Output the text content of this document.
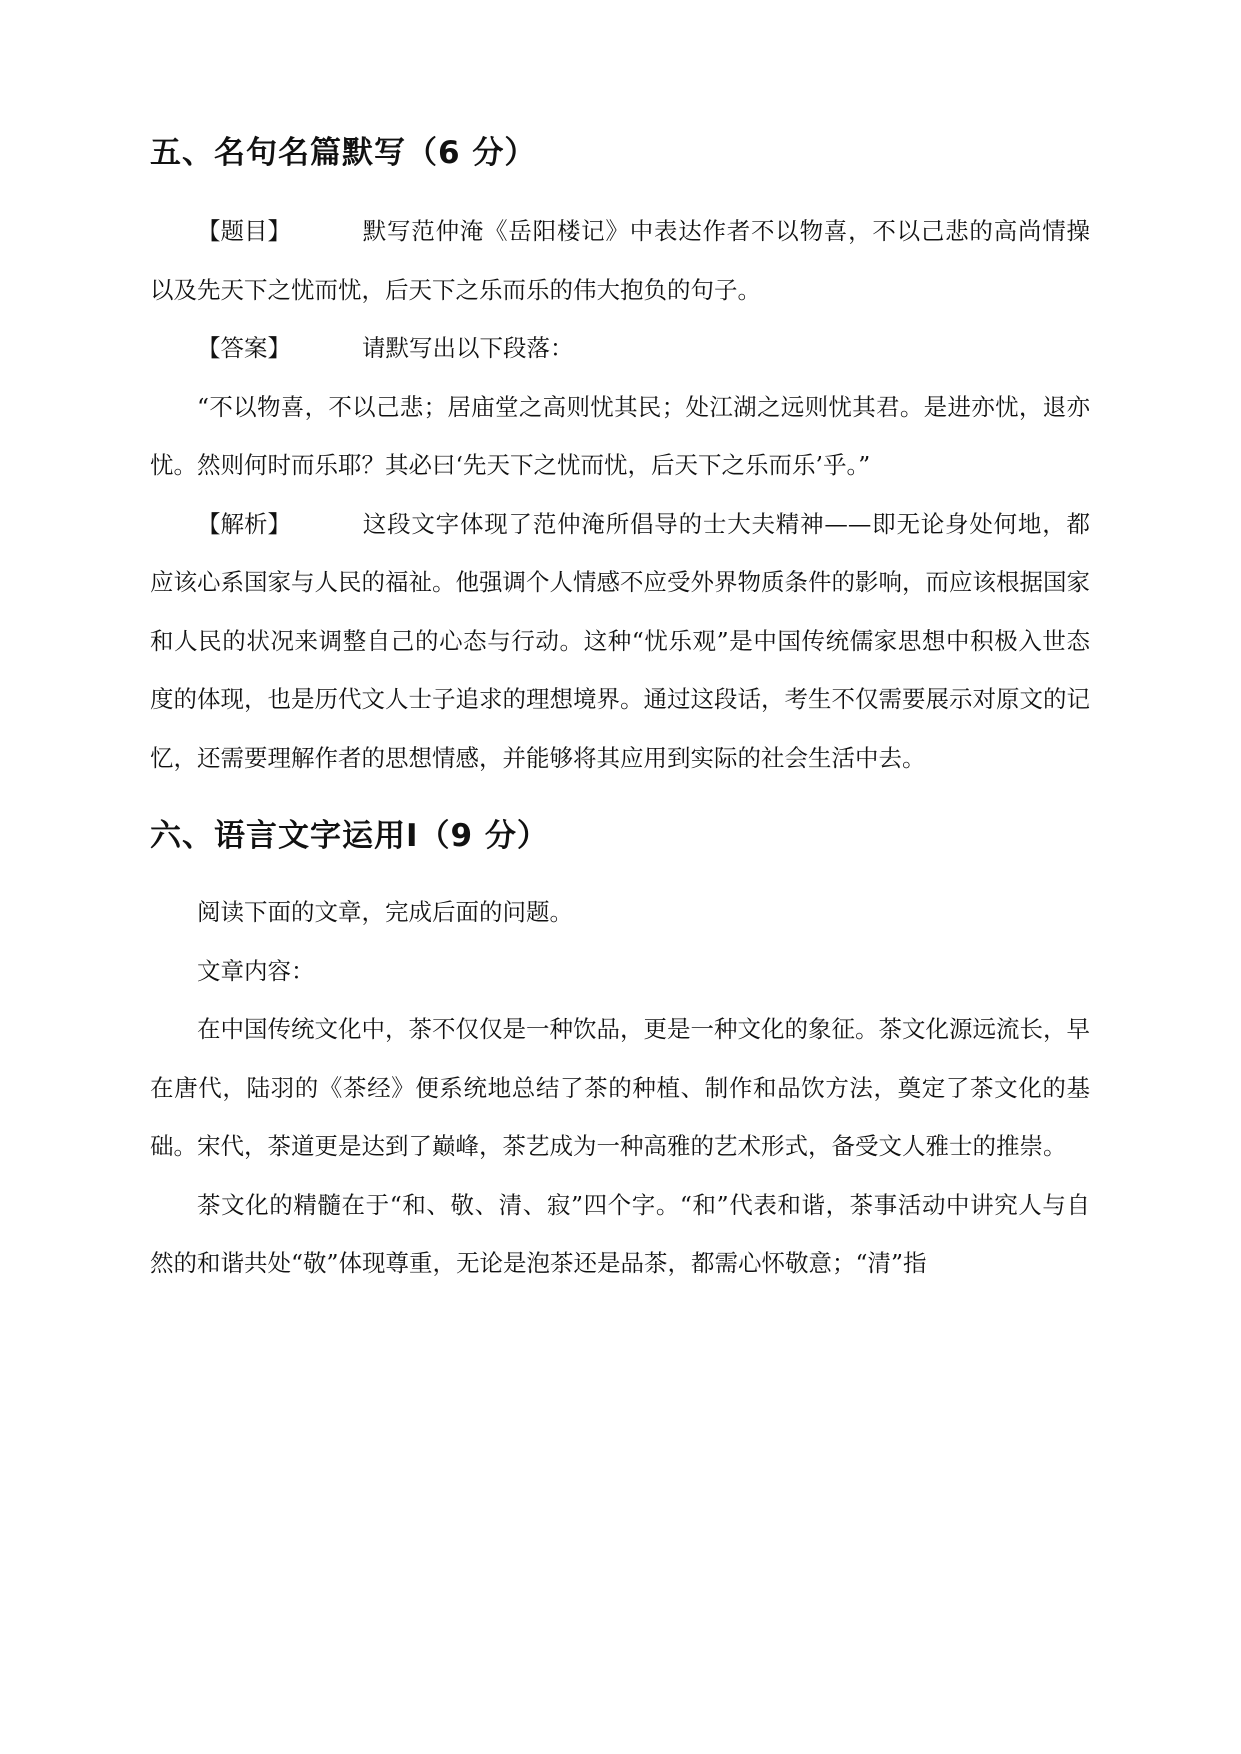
五、名句名篇默写（6 分）

【题目】	默写范仲淹《岳阳楼记》中表达作者不以物喜，不以己悲的高尚情操以及先天下之忧而忧，后天下之乐而乐的伟大抱负的句子。

【答案】	请默写出以下段落：

“不以物喜，不以己悲；居庙堂之高则忧其民；处江湖之远则忧其君。是进亦忧，退亦忧。然则何时而乐耶？其必曰‘先天下之忧而忧，后天下之乐而乐’乎。”

【解析】	这段文字体现了范仲淹所倡导的士大夫精神——即无论身处何地，都应该心系国家与人民的福祉。他强调个人情感不应受外界物质条件的影响，而应该根据国家和人民的状况来调整自己的心态与行动。这种“忧乐观”是中国传统儒家思想中积极入世态度的体现，也是历代文人士子追求的理想境界。通过这段话，考生不仅需要展示对原文的记忆，还需要理解作者的思想情感，并能够将其应用到实际的社会生活中去。

六、语言文字运用Ⅰ（9 分）

阅读下面的文章，完成后面的问题。

文章内容：

在中国传统文化中，茶不仅仅是一种饮品，更是一种文化的象征。茶文化源远流长，早在唐代，陆羽的《茶经》便系统地总结了茶的种植、制作和品饮方法，奠定了茶文化的基础。宋代，茶道更是达到了巅峰，茶艺成为一种高雅的艺术形式，备受文人雅士的推崇。

茶文化的精髓在于“和、敬、清、寂”四个字。“和”代表和谐，茶事活动中讲究人与自然的和谐共处“敬”体现尊重，无论是泡茶还是品茶，都需心怀敬意；“清”指
